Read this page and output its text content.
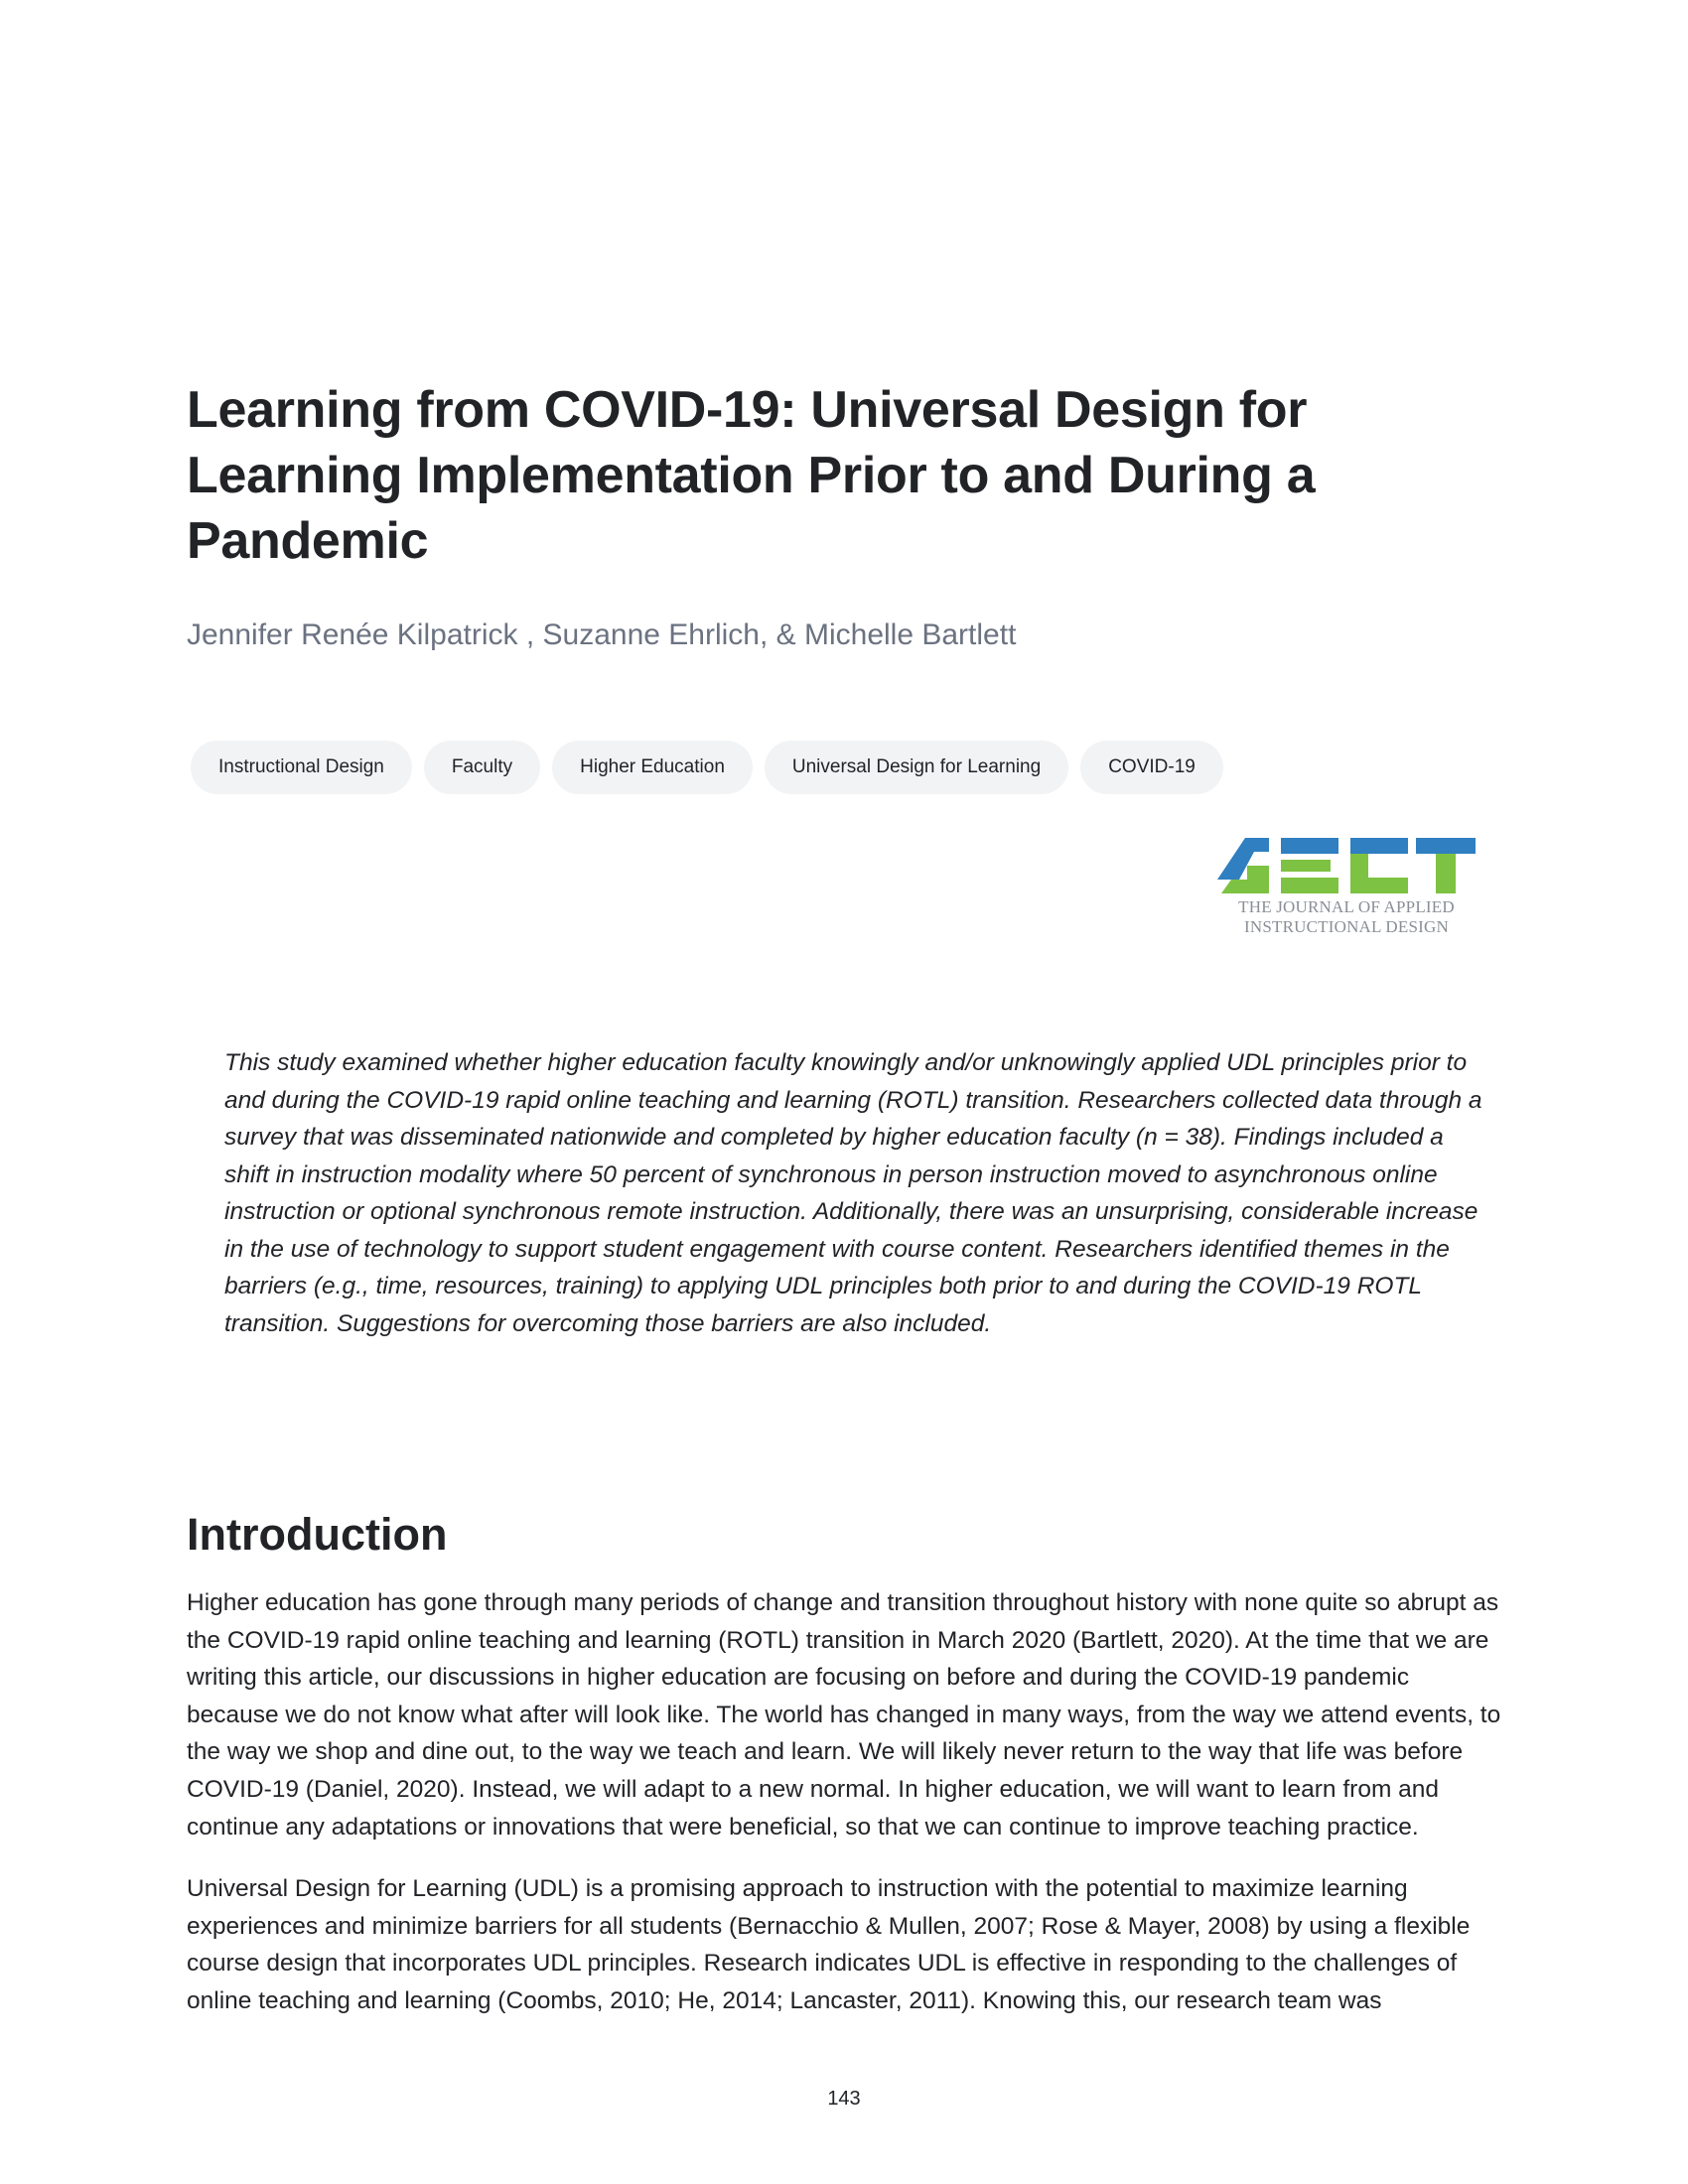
Learning from COVID-19: Universal Design for Learning Implementation Prior to and During a Pandemic
Jennifer Renée Kilpatrick , Suzanne Ehrlich, & Michelle Bartlett
Instructional Design	Faculty	Higher Education	Universal Design for Learning	COVID-19
THE JOURNAL OF APPLIED
INSTRUCTIONAL DESIGN

This study examined whether higher education faculty knowingly and/or unknowingly applied UDL principles prior to and during the COVID-19 rapid online teaching and learning (ROTL) transition. Researchers collected data through a survey that was disseminated nationwide and completed by higher education faculty (n = 38). Findings included a shift in instruction modality where 50 percent of synchronous in person instruction moved to asynchronous online instruction or optional synchronous remote instruction. Additionally, there was an unsurprising, considerable increase in the use of technology to support student engagement with course content. Researchers identified themes in the barriers (e.g., time, resources, training) to applying UDL principles both prior to and during the COVID-19 ROTL transition. Suggestions for overcoming those barriers are also included.

Introduction

Higher education has gone through many periods of change and transition throughout history with none quite so abrupt as the COVID-19 rapid online teaching and learning (ROTL) transition in March 2020 (Bartlett, 2020). At the time that we are writing this article, our discussions in higher education are focusing on before and during the COVID-19 pandemic because we do not know what after will look like. The world has changed in many ways, from the way we attend events, to the way we shop and dine out, to the way we teach and learn. We will likely never return to the way that life was before COVID-19 (Daniel, 2020). Instead, we will adapt to a new normal. In higher education, we will want to learn from and continue any adaptations or innovations that were beneficial, so that we can continue to improve teaching practice.

Universal Design for Learning (UDL) is a promising approach to instruction with the potential to maximize learning experiences and minimize barriers for all students (Bernacchio & Mullen, 2007; Rose & Mayer, 2008) by using a flexible course design that incorporates UDL principles. Research indicates UDL is effective in responding to the challenges of online teaching and learning (Coombs, 2010; He, 2014; Lancaster, 2011). Knowing this, our research team was

143
